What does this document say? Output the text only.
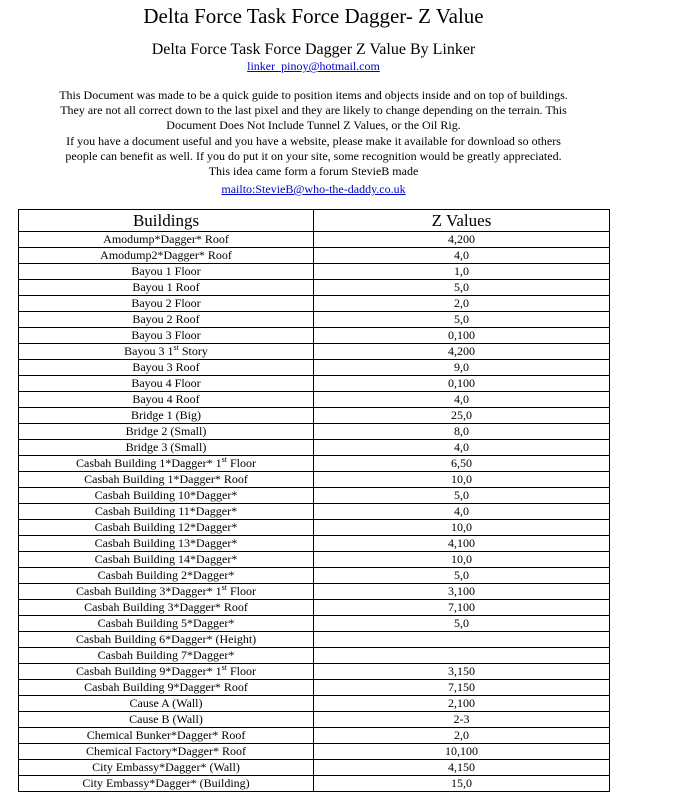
Delta Force Task Force Dagger- Z Value
Delta Force Task Force Dagger Z Value By Linker
linker_pinoy@hotmail.com
This Document was made to be a quick guide to position items and objects inside and on top of buildings.
They are not all correct down to the last pixel and they are likely to change depending on the terrain. This
Document Does Not Include Tunnel Z Values, or the Oil Rig.
If you have a document useful and you have a website, please make it available for download so others
people can benefit as well. If you do put it on your site, some recognition would be greatly appreciated.
This idea came form a forum StevieB made
mailto:StevieB@who-the-daddy.co.uk
Buildings	Z Values
Amodump*Dagger* Roof	4,200
Amodump2*Dagger* Roof	4,0
Bayou 1 Floor	1,0
Bayou 1 Roof	5,0
Bayou 2 Floor	2,0
Bayou 2 Roof	5,0
Bayou 3 Floor	0,100
Bayou 3 1st Story	4,200
Bayou 3 Roof	9,0
Bayou 4 Floor	0,100
Bayou 4 Roof	4,0
Bridge 1 (Big)	25,0
Bridge 2 (Small)	8,0
Bridge 3 (Small)	4,0
Casbah Building 1*Dagger* 1st Floor	6,50
Casbah Building 1*Dagger* Roof	10,0
Casbah Building 10*Dagger*	5,0
Casbah Building 11*Dagger*	4,0
Casbah Building 12*Dagger*	10,0
Casbah Building 13*Dagger*	4,100
Casbah Building 14*Dagger*	10,0
Casbah Building 2*Dagger*	5,0
Casbah Building 3*Dagger* 1st Floor	3,100
Casbah Building 3*Dagger* Roof	7,100
Casbah Building 5*Dagger*	5,0
Casbah Building 6*Dagger* (Height)	
Casbah Building 7*Dagger*	
Casbah Building 9*Dagger* 1st Floor	3,150
Casbah Building 9*Dagger* Roof	7,150
Cause A (Wall)	2,100
Cause B (Wall)	2-3
Chemical Bunker*Dagger* Roof	2,0
Chemical Factory*Dagger* Roof	10,100
City Embassy*Dagger* (Wall)	4,150
City Embassy*Dagger* (Building)	15,0
